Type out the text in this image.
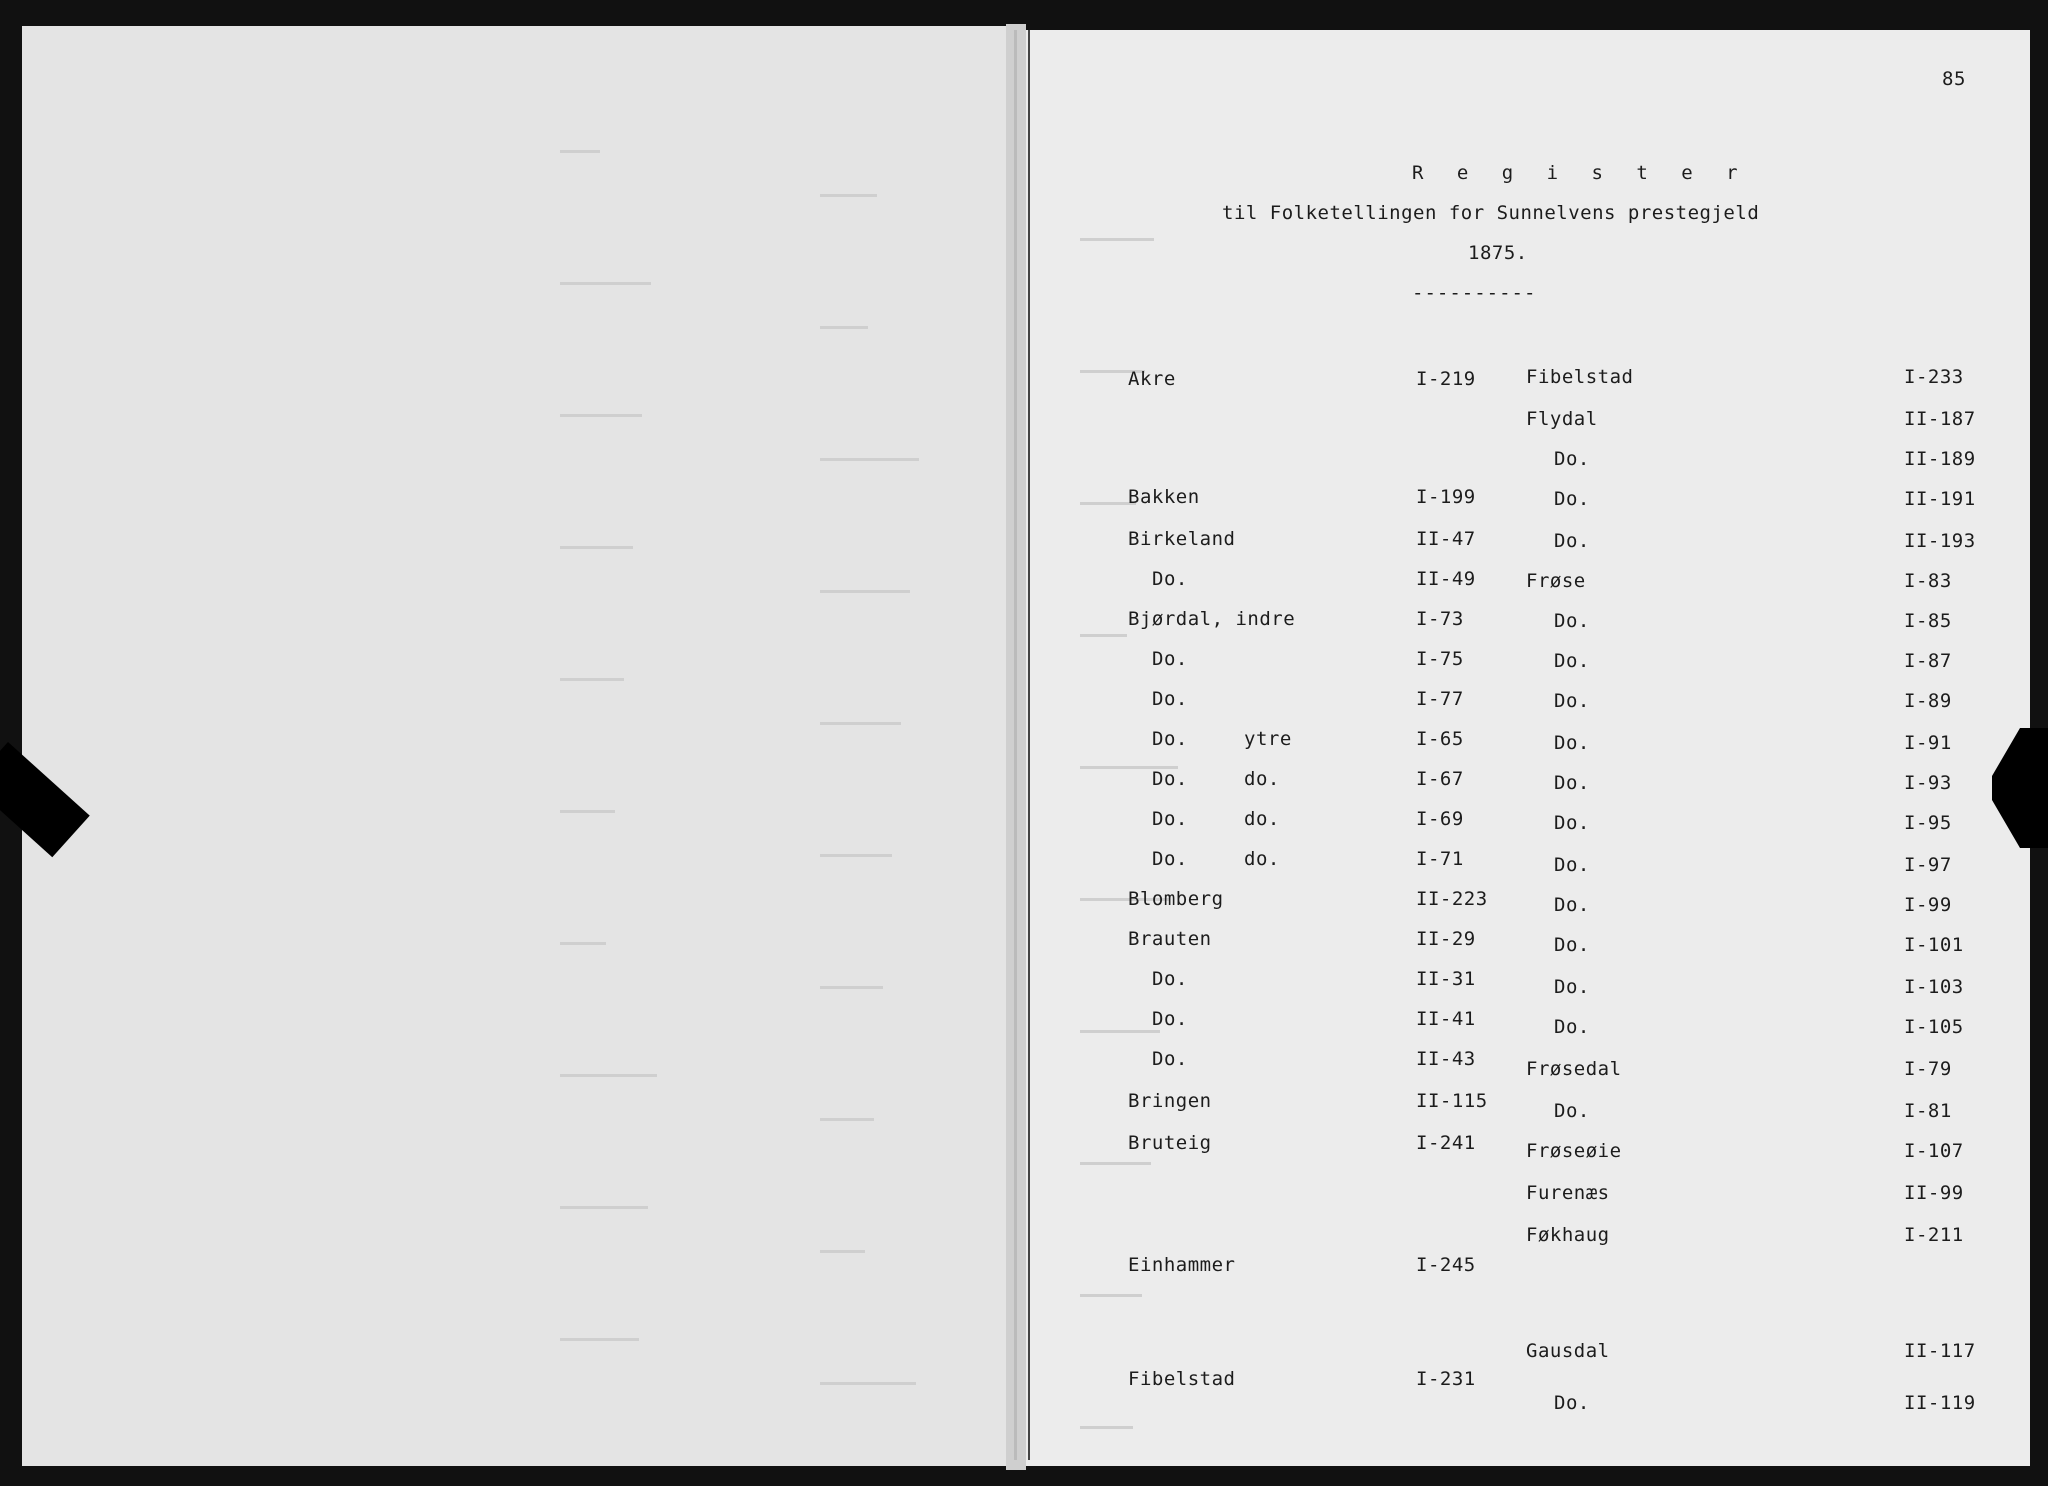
85
R e g i s t e r
til Folketellingen for Sunnelvens prestegjeld
1875.
----------
Akre	I-219
Bakken	I-199
Birkeland	II-47
Do.	II-49
Bjørdal, indre	I-73
Do.	I-75
Do.	I-77
Do.	ytre	I-65
Do.	do.	I-67
Do.	do.	I-69
Do.	do.	I-71
Blomberg	II-223
Brauten	II-29
Do.	II-31
Do.	II-41
Do.	II-43
Bringen	II-115
Bruteig	I-241
Einhammer	I-245
Fibelstad	I-231
Fibelstad	I-233
Flydal	II-187
Do.	II-189
Do.	II-191
Do.	II-193
Frøse	I-83
Do.	I-85
Do.	I-87
Do.	I-89
Do.	I-91
Do.	I-93
Do.	I-95
Do.	I-97
Do.	I-99
Do.	I-101
Do.	I-103
Do.	I-105
Frøsedal	I-79
Do.	I-81
Frøseøie	I-107
Furenæs	II-99
Føkhaug	I-211
Gausdal	II-117
Do.	II-119
